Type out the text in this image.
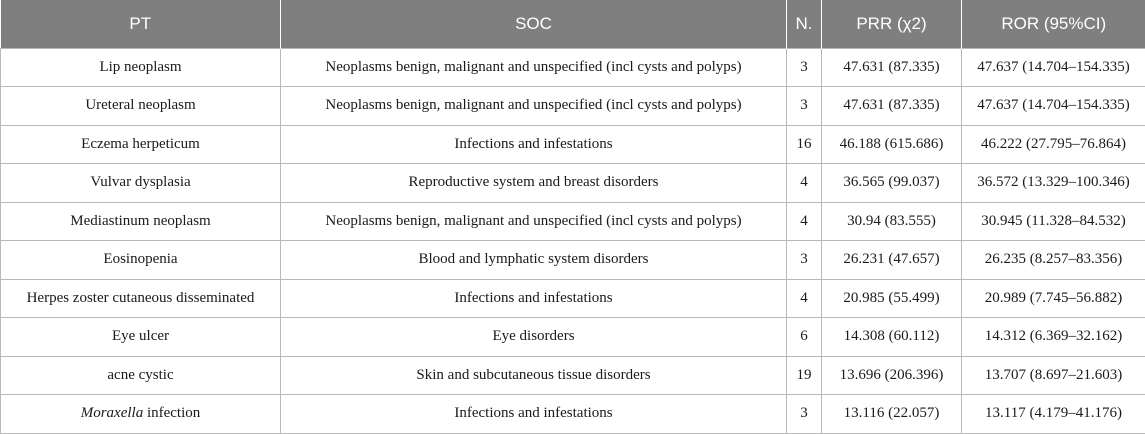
PT	SOC	N.	PRR (χ2)	ROR (95%CI)
Lip neoplasm	Neoplasms benign, malignant and unspecified (incl cysts and polyps)	3	47.631 (87.335)	47.637 (14.704–154.335)
Ureteral neoplasm	Neoplasms benign, malignant and unspecified (incl cysts and polyps)	3	47.631 (87.335)	47.637 (14.704–154.335)
Eczema herpeticum	Infections and infestations	16	46.188 (615.686)	46.222 (27.795–76.864)
Vulvar dysplasia	Reproductive system and breast disorders	4	36.565 (99.037)	36.572 (13.329–100.346)
Mediastinum neoplasm	Neoplasms benign, malignant and unspecified (incl cysts and polyps)	4	30.94 (83.555)	30.945 (11.328–84.532)
Eosinopenia	Blood and lymphatic system disorders	3	26.231 (47.657)	26.235 (8.257–83.356)
Herpes zoster cutaneous disseminated	Infections and infestations	4	20.985 (55.499)	20.989 (7.745–56.882)
Eye ulcer	Eye disorders	6	14.308 (60.112)	14.312 (6.369–32.162)
acne cystic	Skin and subcutaneous tissue disorders	19	13.696 (206.396)	13.707 (8.697–21.603)
Moraxella infection	Infections and infestations	3	13.116 (22.057)	13.117 (4.179–41.176)
